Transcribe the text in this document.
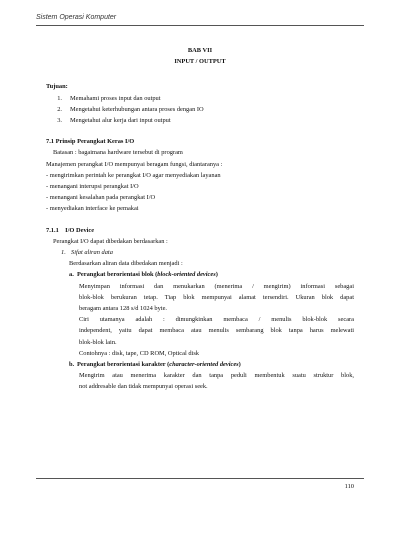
Sistem Operasi Komputer
BAB VII
INPUT / OUTPUT
Tujuan:
1. Memahami proses input dan output
2. Mengetahui keterhubungan antara proses dengan IO
3. Mengetahui alur kerja dari input output
7.1 Prinsip Perangkat Keras I/O
Batasan : bagaimana hardware tersebut di program
Manajemen perangkat I/O mempunyai beragam fungsi, diantaranya :
- mengirimkan perintah ke perangkat I/O agar menyediakan layanan
- menangani interupsi perangkat I/O
- menangani kesalahan pada perangkat I/O
- menyediakan interface ke pemakai
7.1.1    I/O Device
Perangkat I/O dapat dibedakan berdasarkan :
1. Sifat aliran data
Berdasarkan aliran data dibedakan menjadi :
a. Perangkat berorientasi blok (block-oriented devices)
Menyimpan informasi dan menukarkan (menerima / mengirim) informasi sebagai
blok-blok berukuran tetap. Tiap blok mempunyai alamat tersendiri. Ukuran blok dapat
beragam antara 128 s/d 1024 byte.
Ciri utamanya adalah : dimungkinkan membaca / menulis blok-blok secara
independent, yaitu dapat membaca atau menulis sembarang blok tanpa harus melewati
blok-blok lain.
Contohnya : disk, tape, CD ROM, Optical disk
b. Perangkat berorientasi karakter (character-oriented devices)
Mengirim atau menerima karakter dan tanpa peduli membentuk suatu struktur blok,
not addresable dan tidak mempunyai operasi seek.
110
